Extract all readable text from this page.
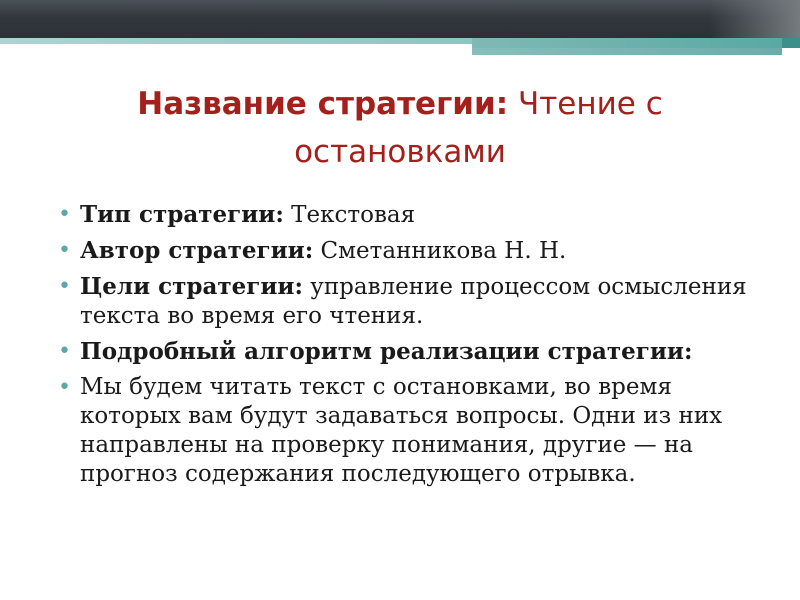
Название стратегии: Чтение с остановками
• Тип стратегии: Текстовая
• Автор стратегии: Сметанникова Н. Н.
• Цели стратегии: управление процессом осмысления текста во время его чтения.
• Подробный алгоритм реализации стратегии:
• Мы будем читать текст с остановками, во время которых вам будут задаваться вопросы. Одни из них направлены на проверку понимания, другие — на прогноз содержания последующего отрывка.
